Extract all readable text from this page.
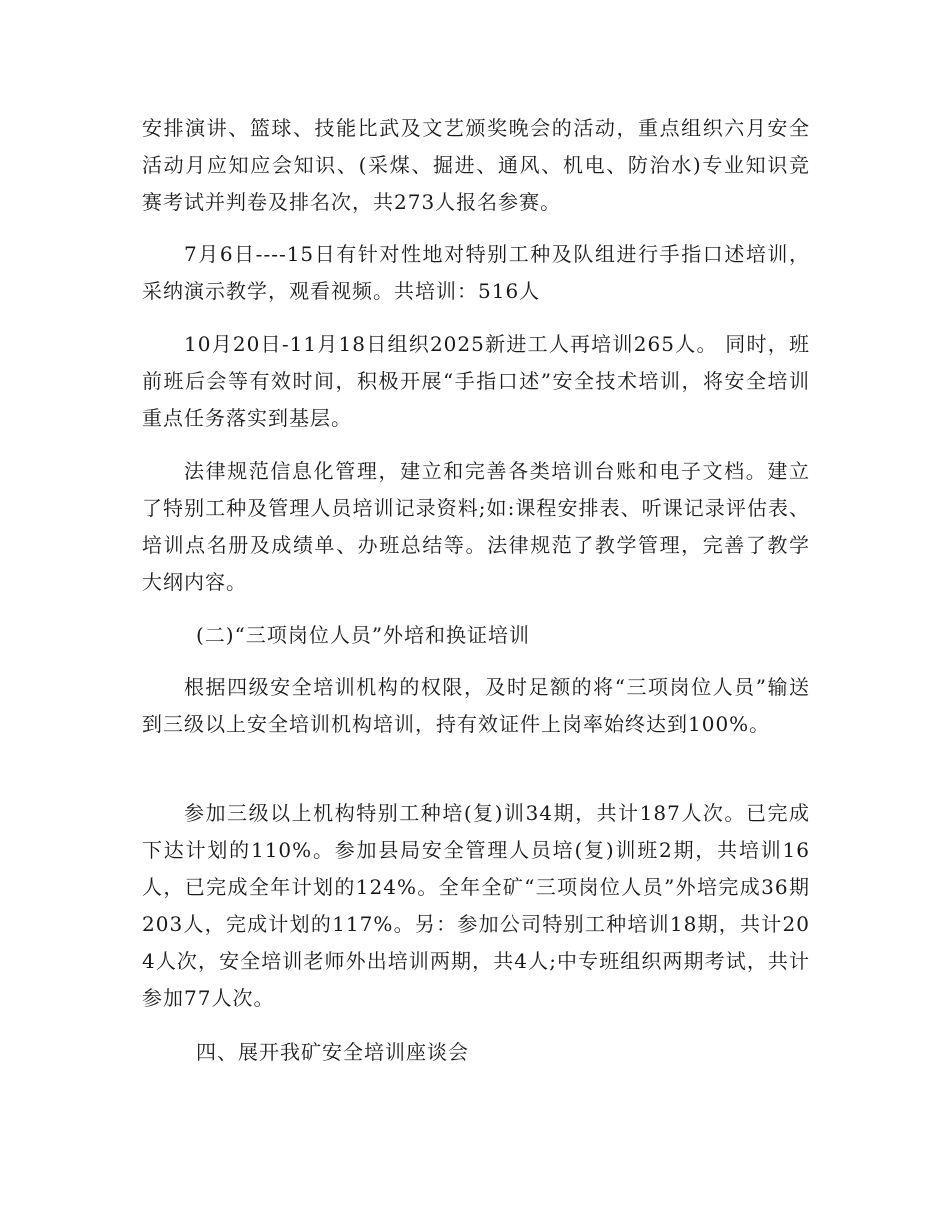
安排演讲、篮球、技能比武及文艺颁奖晚会的活动，重点组织六月安全活动月应知应会知识、(采煤、掘进、通风、机电、防治水)专业知识竞赛考试并判卷及排名次，共273人报名参赛。

7月6日----15日有针对性地对特别工种及队组进行手指口述培训，采纳演示教学，观看视频。共培训：516人

10月20日-11月18日组织2025新进工人再培训265人。 同时，班前班后会等有效时间，积极开展“手指口述”安全技术培训，将安全培训重点任务落实到基层。

法律规范信息化管理，建立和完善各类培训台账和电子文档。建立了特别工种及管理人员培训记录资料;如:课程安排表、听课记录评估表、培训点名册及成绩单、办班总结等。法律规范了教学管理，完善了教学大纲内容。

(二)“三项岗位人员”外培和换证培训

根据四级安全培训机构的权限，及时足额的将“三项岗位人员”输送到三级以上安全培训机构培训，持有效证件上岗率始终达到100%。

参加三级以上机构特别工种培(复)训34期，共计187人次。已完成下达计划的110%。参加县局安全管理人员培(复)训班2期，共培训16人，已完成全年计划的124%。全年全矿“三项岗位人员”外培完成36期203人，完成计划的117%。另：参加公司特别工种培训18期，共计204人次，安全培训老师外出培训两期，共4人;中专班组织两期考试，共计参加77人次。

四、展开我矿安全培训座谈会
